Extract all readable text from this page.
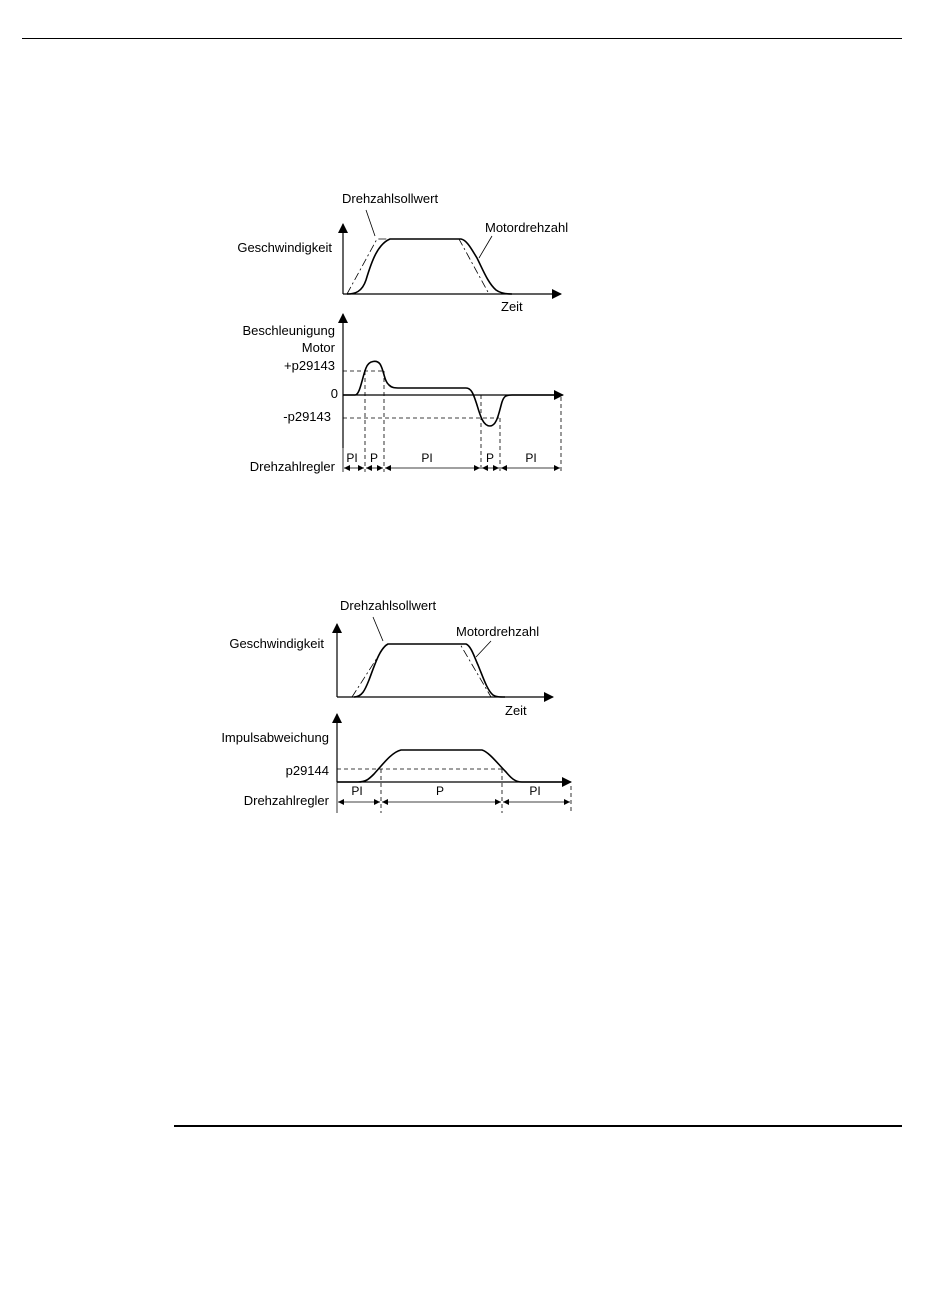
Drehzahlsollwert
Motordrehzahl
Geschwindigkeit
Zeit
Beschleunigung
Motor
+p29143
0
-p29143
PI P	PI	P	PI
Drehzahlregler
Drehzahlsollwert
Motordrehzahl
Geschwindigkeit
Zeit
Impulsabweichung
p29144
PI	P	PI
Drehzahlregler
